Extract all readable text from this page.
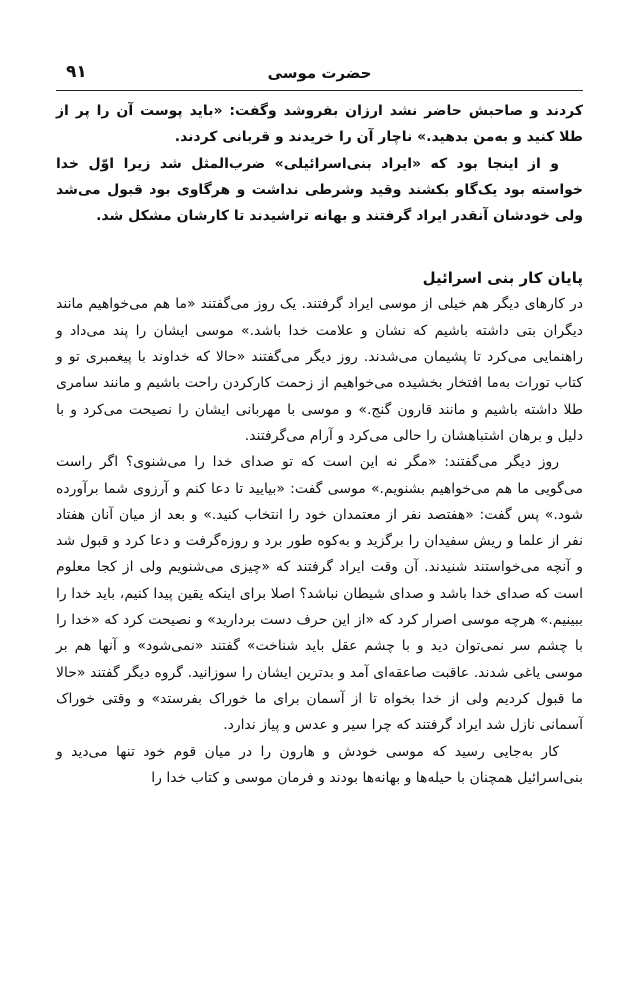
حضرت موسی
۹۱

کردند و صاحبش حاضر نشد ارزان بفروشد وگفت: «باید پوست آن را پر از طلا کنید و به‌من بدهید.» ناچار آن را خریدند و قربانی کردند.

و از اینجا بود که «ایراد بنی‌اسرائیلی» ضرب‌المثل شد زیرا اوّل خدا خواسته بود یک‌گاو بکشند وقید وشرطی نداشت و هرگاوی بود قبول می‌شد ولی خودشان آنقدر ایراد گرفتند و بهانه تراشیدند تا کارشان مشکل شد.

پایان کار بنی اسرائیل

در کارهای دیگر هم خیلی از موسی ایراد گرفتند. یک روز می‌گفتند «ما هم می‌خواهیم مانند دیگران بتی داشته باشیم که نشان و علامت خدا باشد.» موسی ایشان را پند می‌داد و راهنمایی می‌کرد تا پشیمان می‌شدند. روز دیگر می‌گفتند «حالا که خداوند با پیغمبری تو و کتاب تورات به‌ما افتخار بخشیده می‌خواهیم از زحمت کارکردن راحت باشیم و مانند سامری طلا داشته باشیم و مانند قارون گنج.» و موسی با مهربانی ایشان را نصیحت می‌کرد و با دلیل و برهان اشتباهشان را حالی می‌کرد و آرام می‌گرفتند.

روز دیگر می‌گفتند: «مگر نه این است که تو صدای خدا را می‌شنوی؟ اگر راست می‌گویی ما هم می‌خواهیم بشنویم.» موسی گفت: «بیایید تا دعا کنم و آرزوی شما برآورده شود.» پس گفت: «هفتصد نفر از معتمدان خود را انتخاب کنید.» و بعد از میان آنان هفتاد نفر از علما و ریش سفیدان را برگزید و به‌کوه طور برد و روزه‌گرفت و دعا کرد و قبول شد و آنچه می‌خواستند شنیدند. آن وقت ایراد گرفتند که «چیزی می‌شنویم ولی از کجا معلوم است که صدای خدا باشد و صدای شیطان نباشد؟ اصلا برای اینکه یقین پیدا کنیم، باید خدا را ببینیم.» هرچه موسی اصرار کرد که «از این حرف دست بردارید» و نصیحت کرد که «خدا را با چشم سر نمی‌توان دید و با چشم عقل باید شناخت» گفتند «نمی‌شود» و آنها هم بر موسی یاغی شدند. عاقبت صاعقه‌ای آمد و بدترین ایشان را سوزانید. گروه دیگر گفتند «حالا ما قبول کردیم ولی از خدا بخواه تا از آسمان برای ما خوراک بفرستد» و وقتی خوراک آسمانی نازل شد ایراد گرفتند که چرا سیر و عدس و پیاز ندارد.

کار به‌جایی رسید که موسی خودش و هارون را در میان قوم خود تنها می‌دید و بنی‌اسرائیل همچنان با حیله‌ها و بهانه‌ها بودند و فرمان موسی و کتاب خدا را
